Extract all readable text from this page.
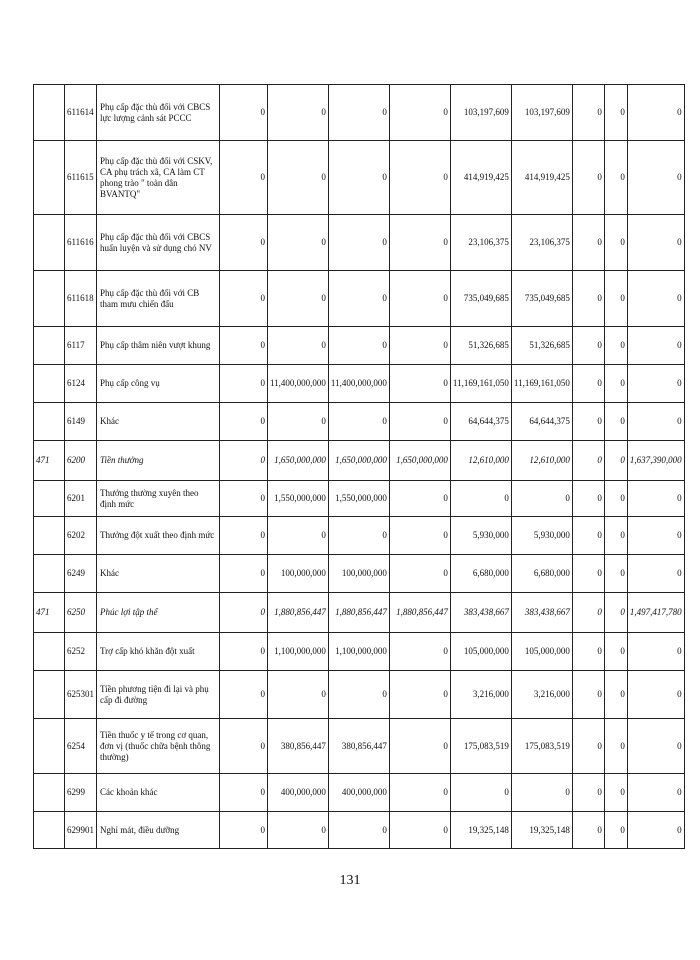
	611614	Phụ cấp đặc thù đối với CBCS lực lượng cảnh sát PCCC	0	0	0	0	103,197,609	103,197,609	0	0	0
	611615	Phụ cấp đặc thù đối với CSKV, CA phụ trách xã, CA làm CT phong trào " toàn dân BVANTQ"	0	0	0	0	414,919,425	414,919,425	0	0	0
	611616	Phụ cấp đặc thù đối với CBCS huấn luyện và sử dụng chó NV	0	0	0	0	23,106,375	23,106,375	0	0	0
	611618	Phụ cấp đặc thù đối với CB tham mưu chiến đấu	0	0	0	0	735,049,685	735,049,685	0	0	0
	6117	Phụ cấp thâm niên vượt khung	0	0	0	0	51,326,685	51,326,685	0	0	0
	6124	Phụ cấp công vụ	0	11,400,000,000	11,400,000,000	0	11,169,161,050	11,169,161,050	0	0	0
	6149	Khác	0	0	0	0	64,644,375	64,644,375	0	0	0
471	6200	Tiền thưởng	0	1,650,000,000	1,650,000,000	1,650,000,000	12,610,000	12,610,000	0	0	1,637,390,000
	6201	Thưởng thường xuyên theo định mức	0	1,550,000,000	1,550,000,000	0	0	0	0	0	0
	6202	Thưởng đột xuất theo định mức	0	0	0	0	5,930,000	5,930,000	0	0	0
	6249	Khác	0	100,000,000	100,000,000	0	6,680,000	6,680,000	0	0	0
471	6250	Phúc lợi tập thể	0	1,880,856,447	1,880,856,447	1,880,856,447	383,438,667	383,438,667	0	0	1,497,417,780
	6252	Trợ cấp khó khăn đột xuất	0	1,100,000,000	1,100,000,000	0	105,000,000	105,000,000	0	0	0
	625301	Tiền phương tiện đi lại và phụ cấp đi đường	0	0	0	0	3,216,000	3,216,000	0	0	0
	6254	Tiền thuốc y tế trong cơ quan, đơn vị (thuốc chữa bệnh thông thường)	0	380,856,447	380,856,447	0	175,083,519	175,083,519	0	0	0
	6299	Các khoản khác	0	400,000,000	400,000,000	0	0	0	0	0	0
	629901	Nghỉ mát, điều dưỡng	0	0	0	0	19,325,148	19,325,148	0	0	0
131
